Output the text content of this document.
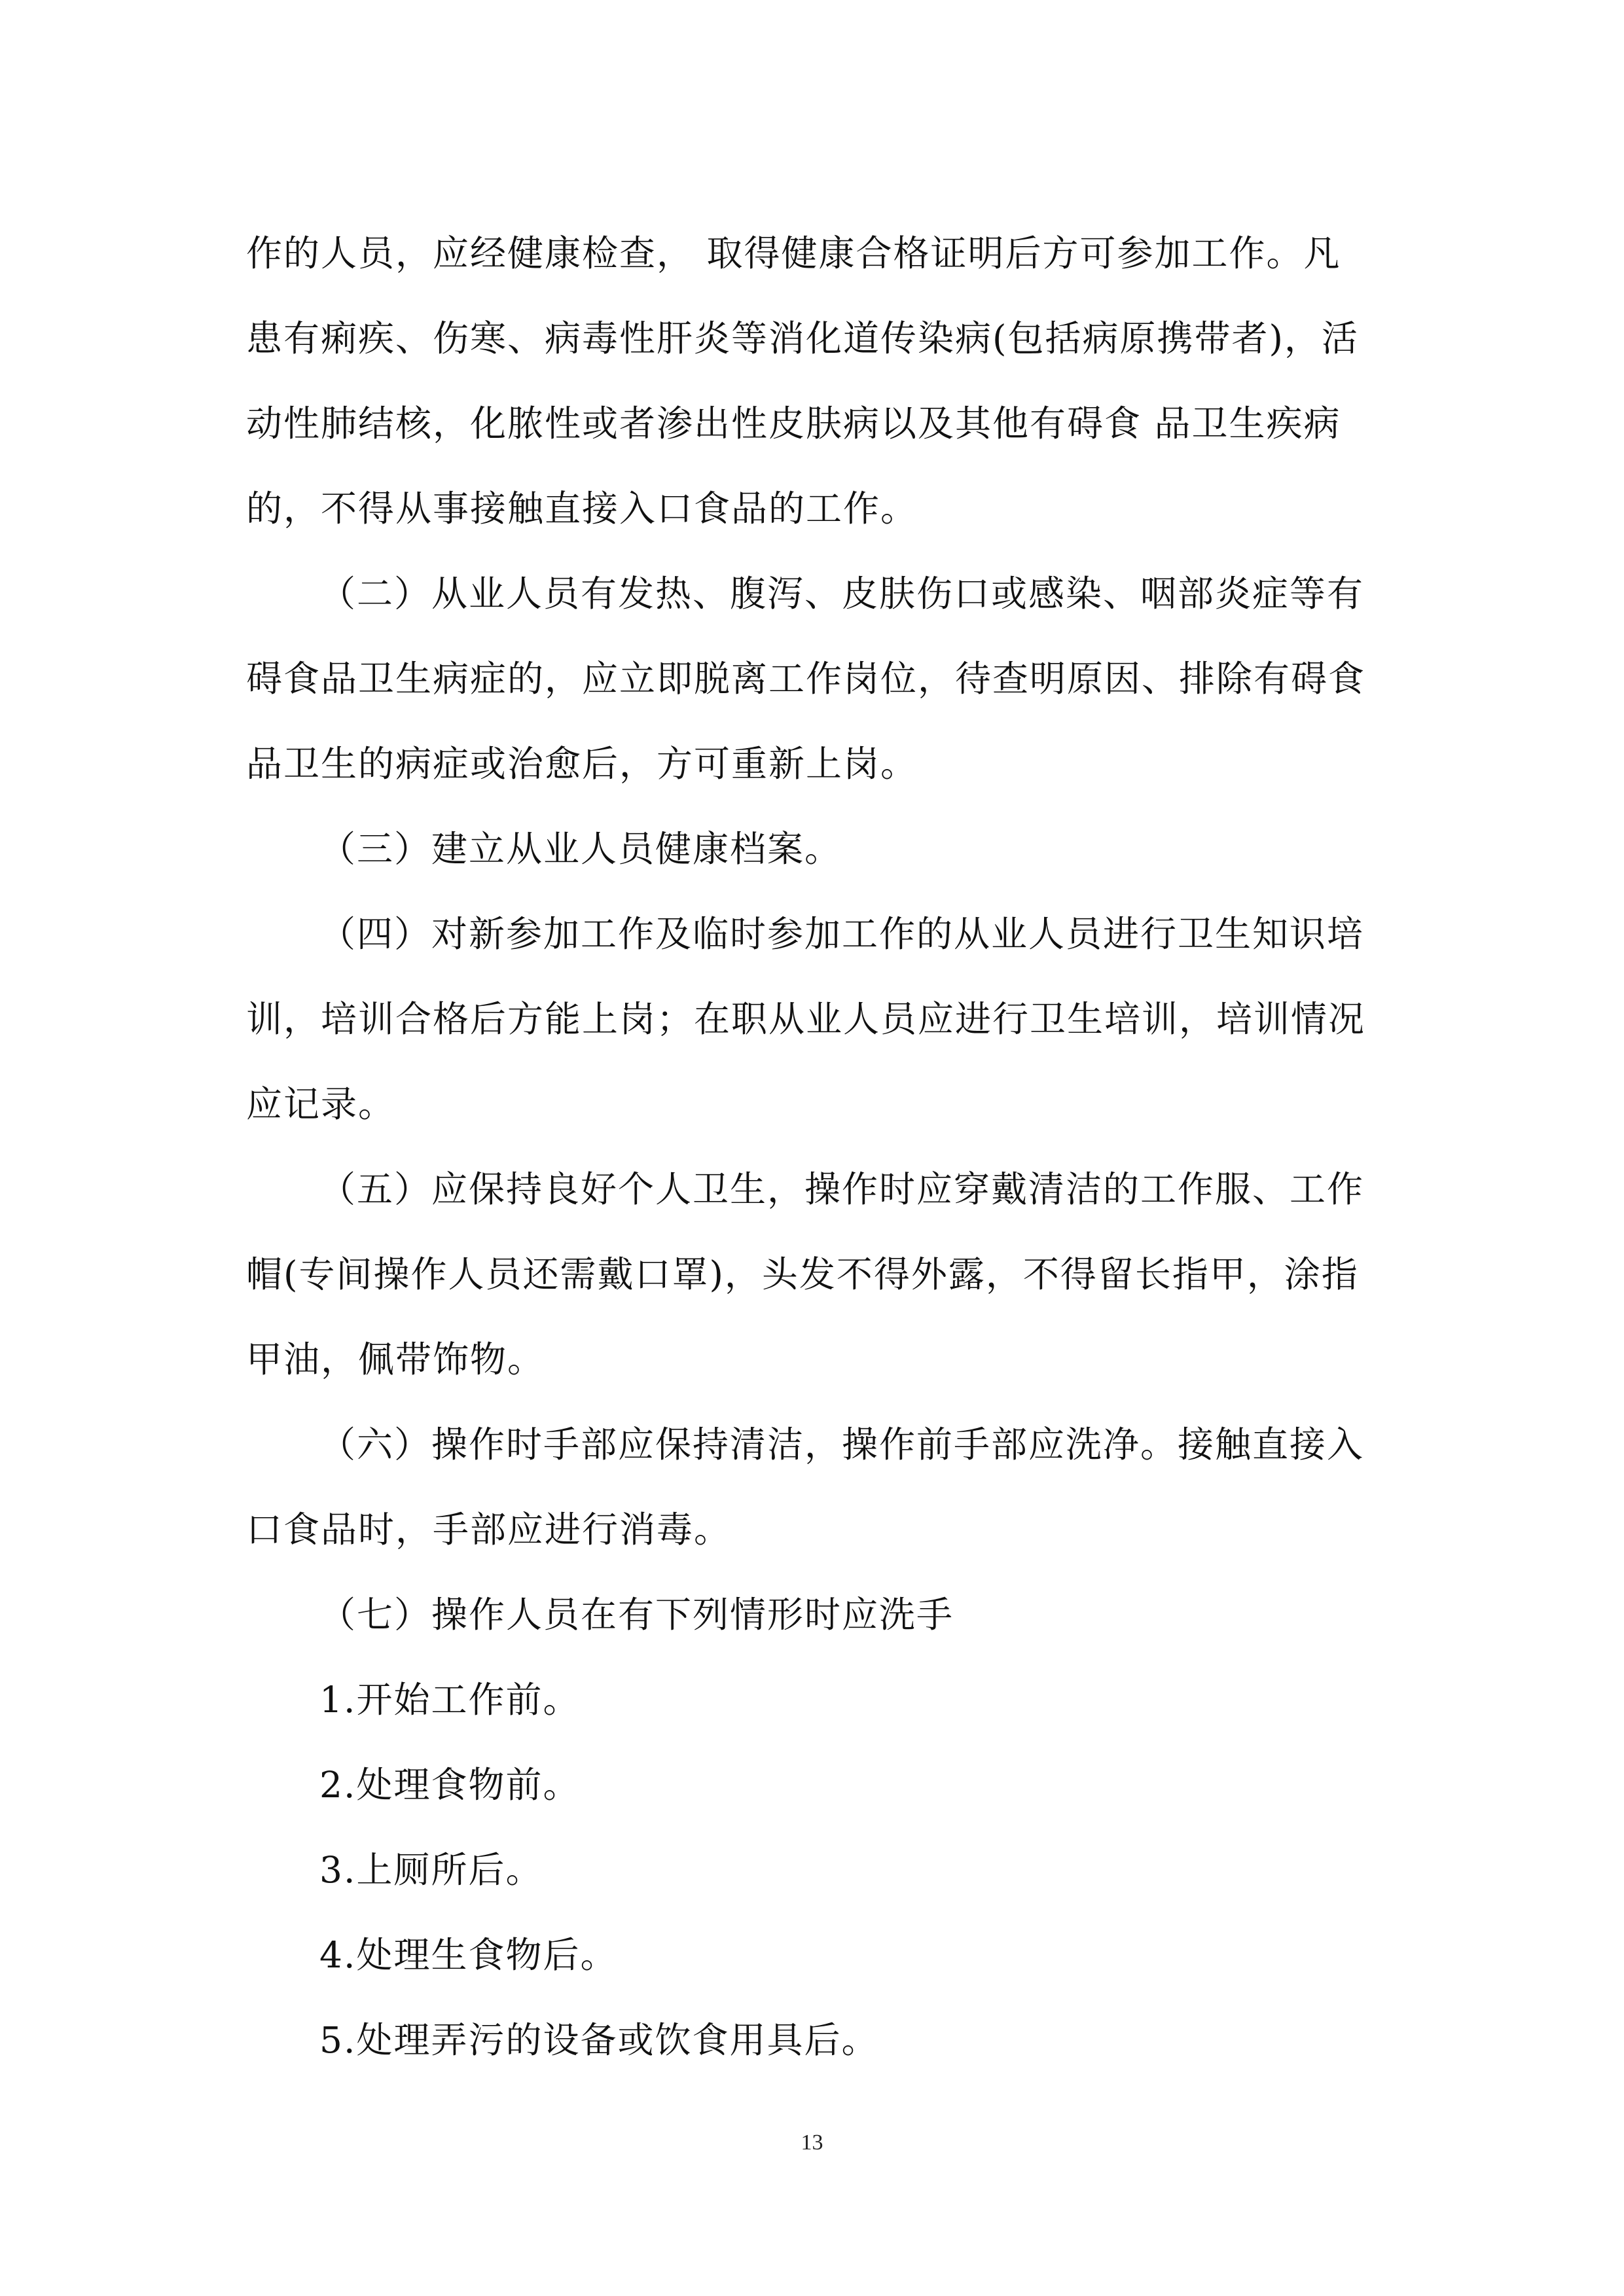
作的人员，应经健康检查， 取得健康合格证明后方可参加工作。凡
患有痢疾、伤寒、病毒性肝炎等消化道传染病(包括病原携带者)，活
动性肺结核，化脓性或者渗出性皮肤病以及其他有碍食 品卫生疾病
的，不得从事接触直接入口食品的工作。
（二）从业人员有发热、腹泻、皮肤伤口或感染、咽部炎症等有
碍食品卫生病症的，应立即脱离工作岗位，待查明原因、排除有碍食
品卫生的病症或治愈后，方可重新上岗。
（三）建立从业人员健康档案。
（四）对新参加工作及临时参加工作的从业人员进行卫生知识培
训，培训合格后方能上岗；在职从业人员应进行卫生培训，培训情况
应记录。
（五）应保持良好个人卫生，操作时应穿戴清洁的工作服、工作
帽(专间操作人员还需戴口罩)，头发不得外露，不得留长指甲，涂指
甲油，佩带饰物。
（六）操作时手部应保持清洁，操作前手部应洗净。接触直接入
口食品时，手部应进行消毒。
（七）操作人员在有下列情形时应洗手
1.开始工作前。
2.处理食物前。
3.上厕所后。
4.处理生食物后。
5.处理弄污的设备或饮食用具后。
13
